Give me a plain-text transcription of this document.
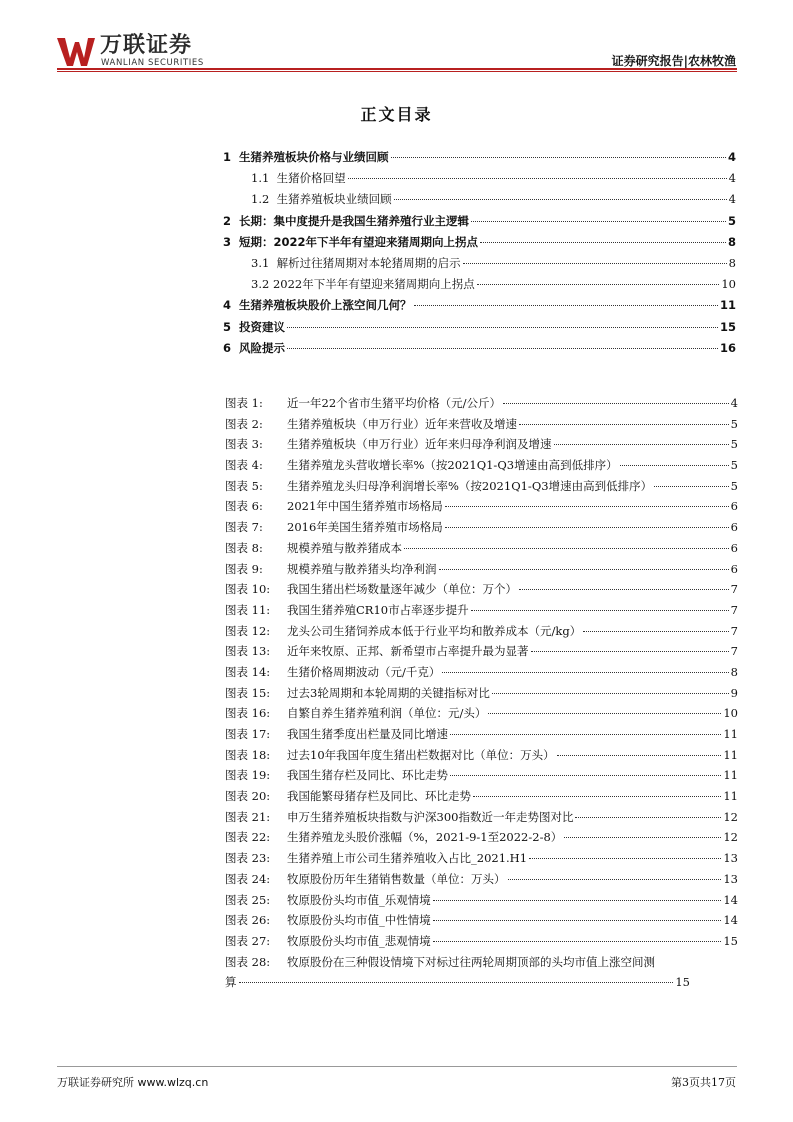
万联证券
WANLIAN SECURITIES	证券研究报告|农林牧渔
正文目录
1 生猪养殖板块价格与业绩回顾	4
1.1 生猪价格回望	4
1.2 生猪养殖板块业绩回顾	4
2 长期：集中度提升是我国生猪养殖行业主逻辑	5
3 短期：2022年下半年有望迎来猪周期向上拐点	8
3.1 解析过往猪周期对本轮猪周期的启示	8
3.2 2022年下半年有望迎来猪周期向上拐点	10
4 生猪养殖板块股价上涨空间几何？	11
5 投资建议	15
6 风险提示	16
图表 1:	近一年22个省市生猪平均价格（元/公斤）	4
图表 2:	生猪养殖板块（申万行业）近年来营收及增速	5
图表 3:	生猪养殖板块（申万行业）近年来归母净利润及增速	5
图表 4:	生猪养殖龙头营收增长率%（按2021Q1-Q3增速由高到低排序）	5
图表 5:	生猪养殖龙头归母净利润增长率%（按2021Q1-Q3增速由高到低排序）	5
图表 6:	2021年中国生猪养殖市场格局	6
图表 7:	2016年美国生猪养殖市场格局	6
图表 8:	规模养殖与散养猪成本	6
图表 9:	规模养殖与散养猪头均净利润	6
图表 10:	我国生猪出栏场数量逐年减少（单位：万个）	7
图表 11:	我国生猪养殖CR10市占率逐步提升	7
图表 12:	龙头公司生猪饲养成本低于行业平均和散养成本（元/kg）	7
图表 13:	近年来牧原、正邦、新希望市占率提升最为显著	7
图表 14:	生猪价格周期波动（元/千克）	8
图表 15:	过去3轮周期和本轮周期的关键指标对比	9
图表 16:	自繁自养生猪养殖利润（单位：元/头）	10
图表 17:	我国生猪季度出栏量及同比增速	11
图表 18:	过去10年我国年度生猪出栏数据对比（单位：万头）	11
图表 19:	我国生猪存栏及同比、环比走势	11
图表 20:	我国能繁母猪存栏及同比、环比走势	11
图表 21:	申万生猪养殖板块指数与沪深300指数近一年走势图对比	12
图表 22:	生猪养殖龙头股价涨幅（%，2021-9-1至2022-2-8）	12
图表 23:	生猪养殖上市公司生猪养殖收入占比_2021.H1	13
图表 24:	牧原股份历年生猪销售数量（单位：万头）	13
图表 25:	牧原股份头均市值_乐观情境	14
图表 26:	牧原股份头均市值_中性情境	14
图表 27:	牧原股份头均市值_悲观情境	15
图表 28: 牧原股份在三种假设情境下对标过往两轮周期顶部的头均市值上涨空间测
算	15
万联证券研究所 www.wlzq.cn	第3页共17页
